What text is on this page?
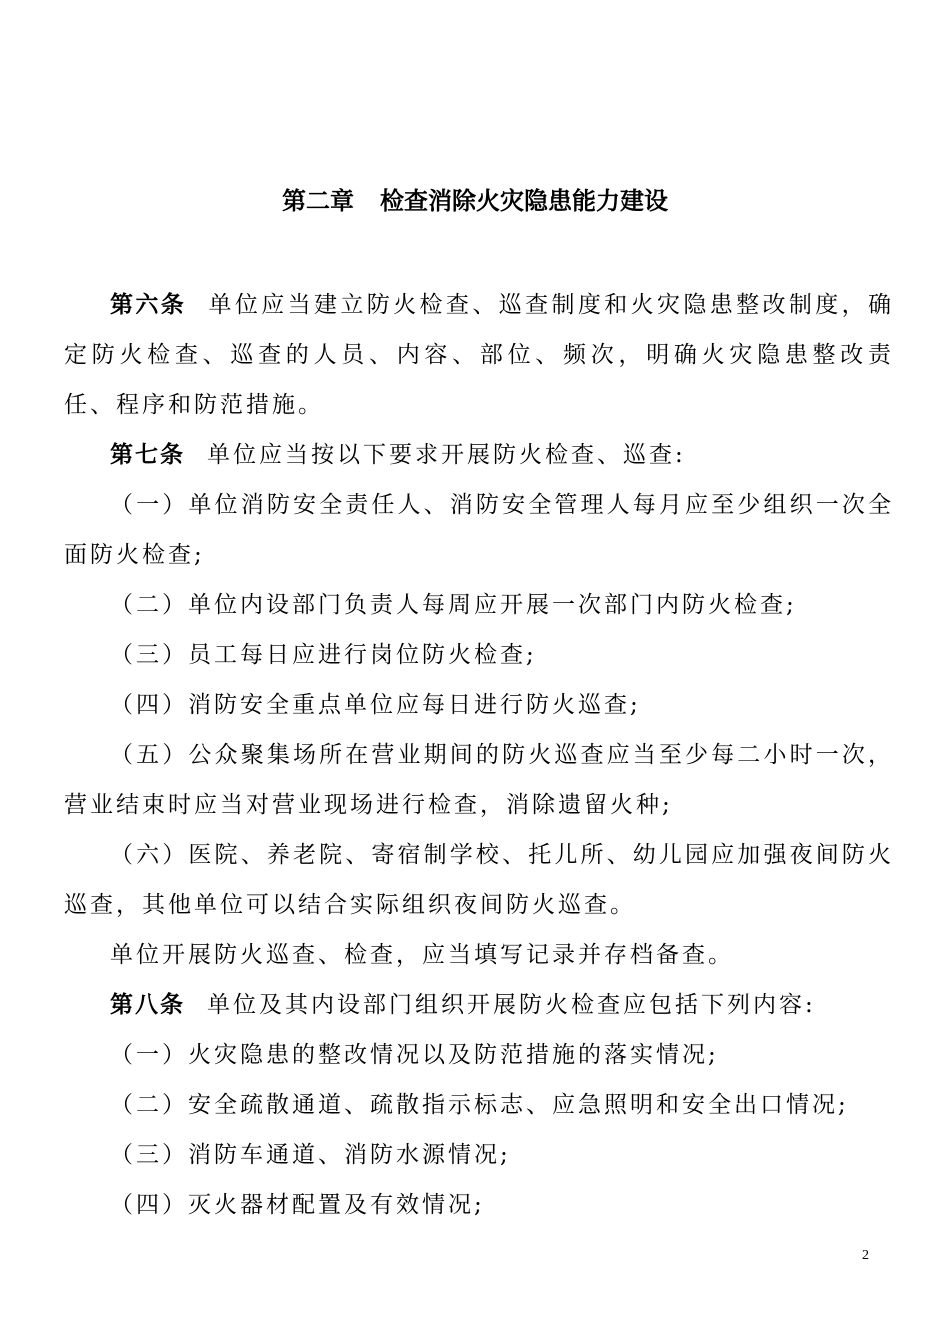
第二章 检查消除火灾隐患能力建设

第六条 单位应当建立防火检查、巡查制度和火灾隐患整改制度，确定防火检查、巡查的人员、内容、部位、频次，明确火灾隐患整改责任、程序和防范措施。

第七条 单位应当按以下要求开展防火检查、巡查:

（一）单位消防安全责任人、消防安全管理人每月应至少组织一次全面防火检查;

（二）单位内设部门负责人每周应开展一次部门内防火检查;

（三）员工每日应进行岗位防火检查;

（四）消防安全重点单位应每日进行防火巡查;

（五）公众聚集场所在营业期间的防火巡查应当至少每二小时一次，营业结束时应当对营业现场进行检查，消除遗留火种;

（六）医院、养老院、寄宿制学校、托儿所、幼儿园应加强夜间防火巡查，其他单位可以结合实际组织夜间防火巡查。

单位开展防火巡查、检查，应当填写记录并存档备查。

第八条 单位及其内设部门组织开展防火检查应包括下列内容:

（一）火灾隐患的整改情况以及防范措施的落实情况;

（二）安全疏散通道、疏散指示标志、应急照明和安全出口情况;

（三）消防车通道、消防水源情况;

（四）灭火器材配置及有效情况;

2
